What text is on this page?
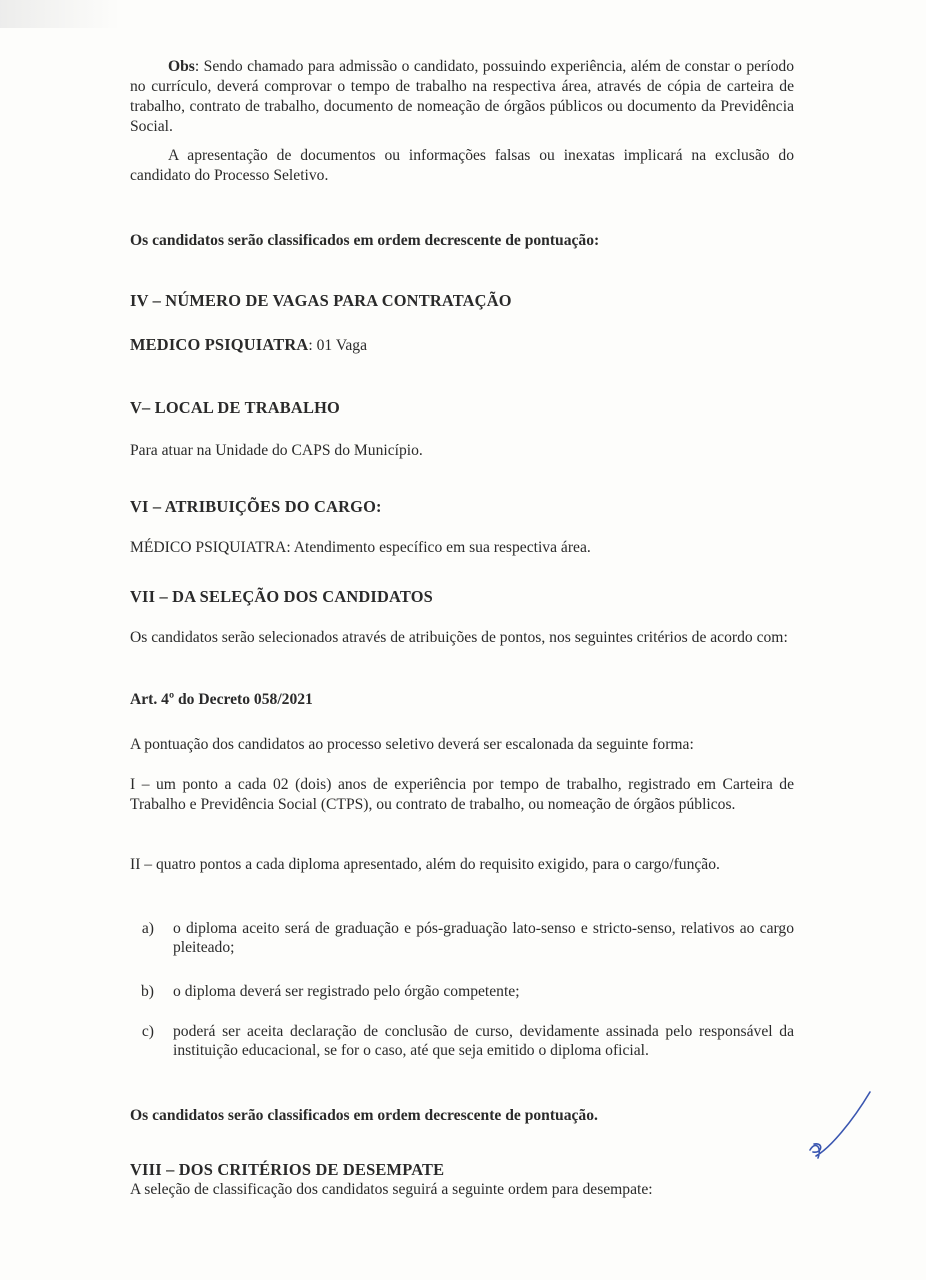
Obs: Sendo chamado para admissão o candidato, possuindo experiência, além de constar o período no currículo, deverá comprovar o tempo de trabalho na respectiva área, através de cópia de carteira de trabalho, contrato de trabalho, documento de nomeação de órgãos públicos ou documento da Previdência Social.
A apresentação de documentos ou informações falsas ou inexatas implicará na exclusão do candidato do Processo Seletivo.
Os candidatos serão classificados em ordem decrescente de pontuação:
IV – NÚMERO DE VAGAS PARA CONTRATAÇÃO
MEDICO PSIQUIATRA: 01 Vaga
V– LOCAL DE TRABALHO
Para atuar na Unidade do CAPS do Município.
VI – ATRIBUIÇÕES DO CARGO:
MÉDICO PSIQUIATRA: Atendimento específico em sua respectiva área.
VII – DA SELEÇÃO DOS CANDIDATOS
Os candidatos serão selecionados através de atribuições de pontos, nos seguintes critérios de acordo com:
Art. 4º do Decreto 058/2021
A pontuação dos candidatos ao processo seletivo deverá ser escalonada da seguinte forma:
I – um ponto a cada 02 (dois) anos de experiência por tempo de trabalho, registrado em Carteira de Trabalho e Previdência Social (CTPS), ou contrato de trabalho, ou nomeação de órgãos públicos.
II – quatro pontos a cada diploma apresentado, além do requisito exigido, para o cargo/função.
a) o diploma aceito será de graduação e pós-graduação lato-senso e stricto-senso, relativos ao cargo pleiteado;
b) o diploma deverá ser registrado pelo órgão competente;
c) poderá ser aceita declaração de conclusão de curso, devidamente assinada pelo responsável da instituição educacional, se for o caso, até que seja emitido o diploma oficial.
Os candidatos serão classificados em ordem decrescente de pontuação.
VIII – DOS CRITÉRIOS DE DESEMPATE
A seleção de classificação dos candidatos seguirá a seguinte ordem para desempate:
